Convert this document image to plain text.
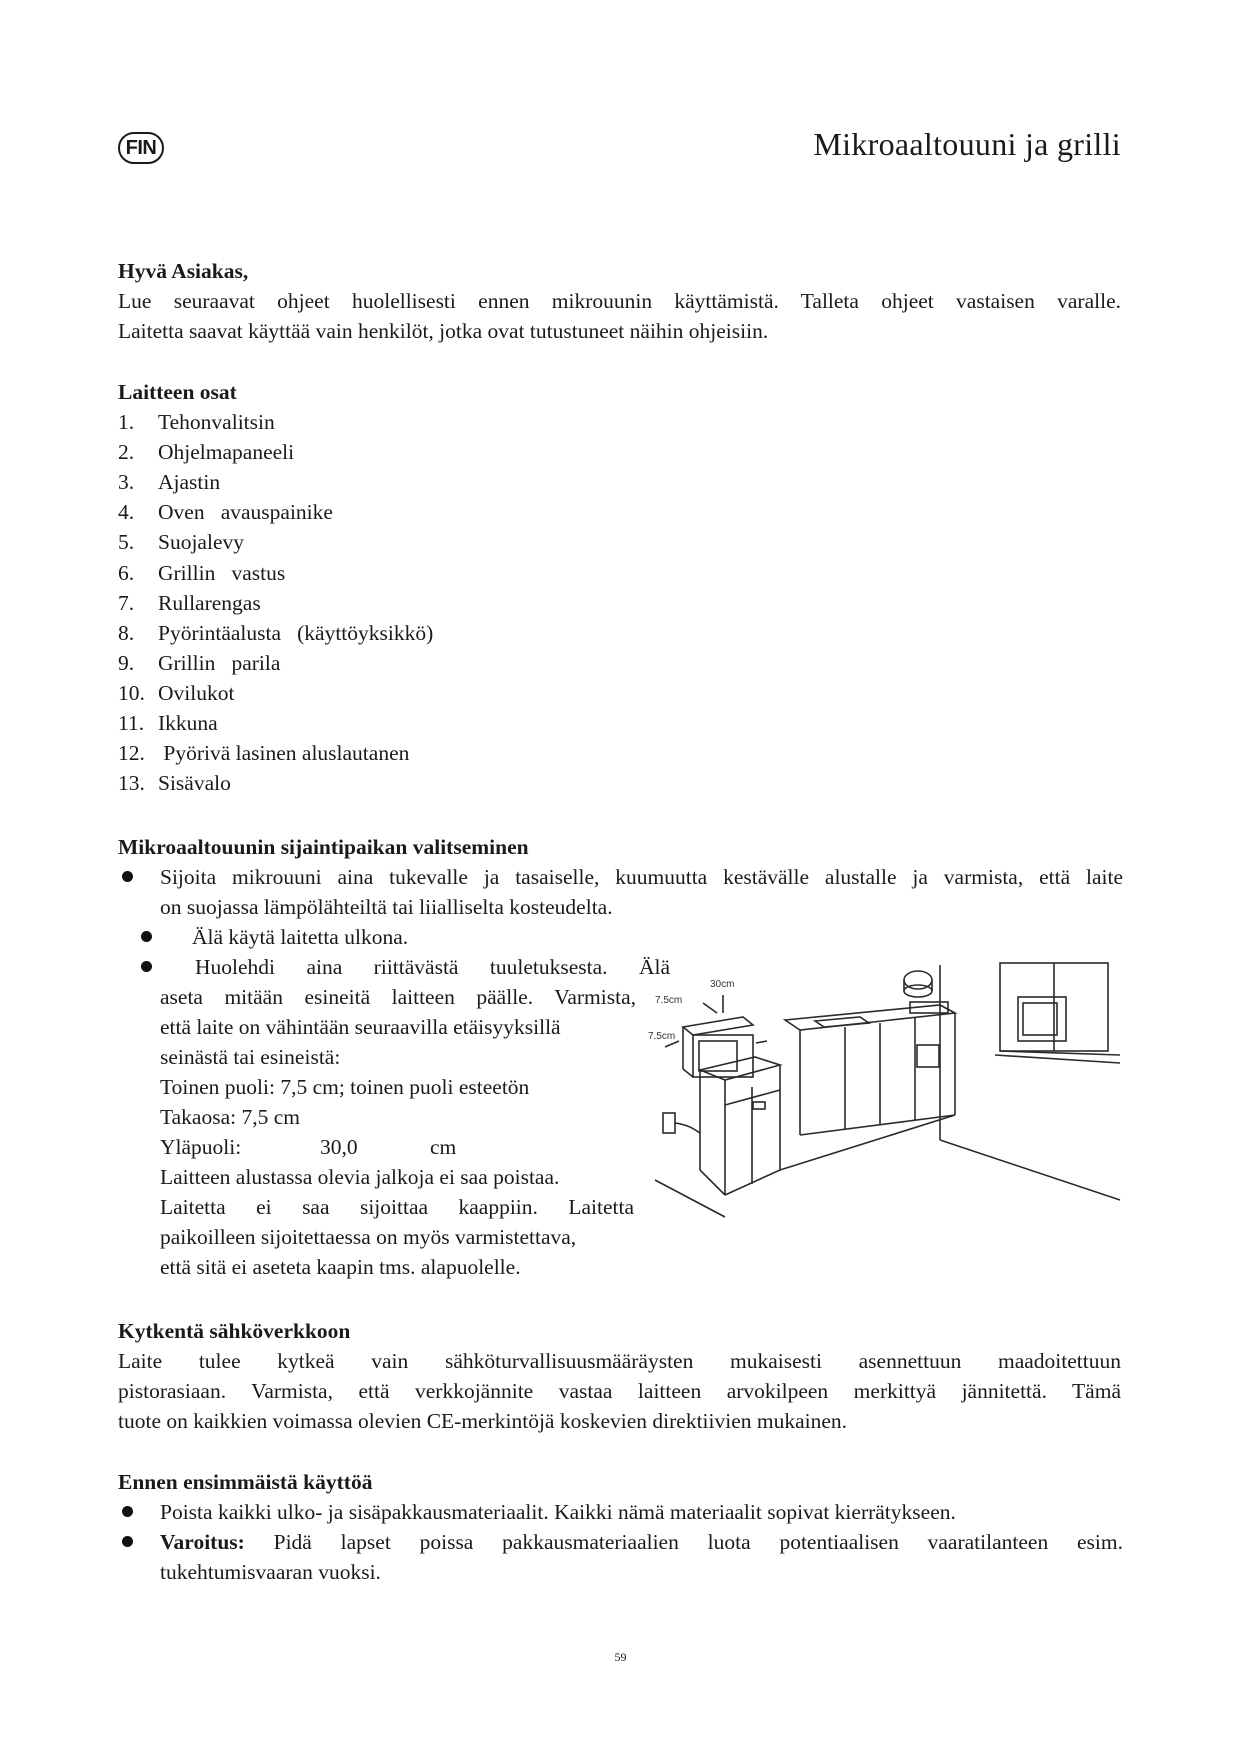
FIN	Mikroaaltouuni ja grilli
Hyvä Asiakas,
Lue seuraavat ohjeet huolellisesti ennen mikrouunin käyttämistä. Talleta ohjeet vastaisen varalle.
Laitetta saavat käyttää vain henkilöt, jotka ovat tutustuneet näihin ohjeisiin.
Laitteen osat
1. Tehonvalitsin
2. Ohjelmapaneeli
3. Ajastin
4. Oven   avauspainike
5. Suojalevy
6. Grillin   vastus
7. Rullarengas
8. Pyörintäalusta   (käyttöyksikkö)
9. Grillin   parila
10. Ovilukot
11. Ikkuna
12. Pyörivä lasinen aluslautanen
13. Sisävalo
Mikroaaltouunin sijaintipaikan valitseminen
Sijoita mikrouuni aina tukevalle ja tasaiselle, kuumuutta kestävälle alustalle ja varmista, että laite
on suojassa lämpölähteiltä tai liialliselta kosteudelta.
Älä käytä laitetta ulkona.
Huolehdi aina riittävästä tuuletuksesta. Älä
aseta mitään esineitä laitteen päälle. Varmista,
että laite on vähintään seuraavilla etäisyyksillä
seinästä tai esineistä:
Toinen puoli: 7,5 cm; toinen puoli esteetön
Takaosa: 7,5 cm
Yläpuoli:	30,0	cm
Laitteen alustassa olevia jalkoja ei saa poistaa.
Laitetta ei saa sijoittaa kaappiin. Laitetta
paikoilleen sijoitettaessa on myös varmistettava,
että sitä ei aseteta kaapin tms. alapuolelle.
7.5cm
30cm
7.5cm
Kytkentä sähköverkkoon
Laite tulee kytkeä vain sähköturvallisuusmääräysten mukaisesti asennettuun maadoitettuun
pistorasiaan. Varmista, että verkkojännite vastaa laitteen arvokilpeen merkittyä jännitettä. Tämä
tuote on kaikkien voimassa olevien CE-merkintöjä koskevien direktiivien mukainen.
Ennen ensimmäistä käyttöä
Poista kaikki ulko- ja sisäpakkausmateriaalit. Kaikki nämä materiaalit sopivat kierrätykseen.
Varoitus: Pidä lapset poissa pakkausmateriaalien luota potentiaalisen vaaratilanteen esim.
tukehtumisvaaran vuoksi.
59
